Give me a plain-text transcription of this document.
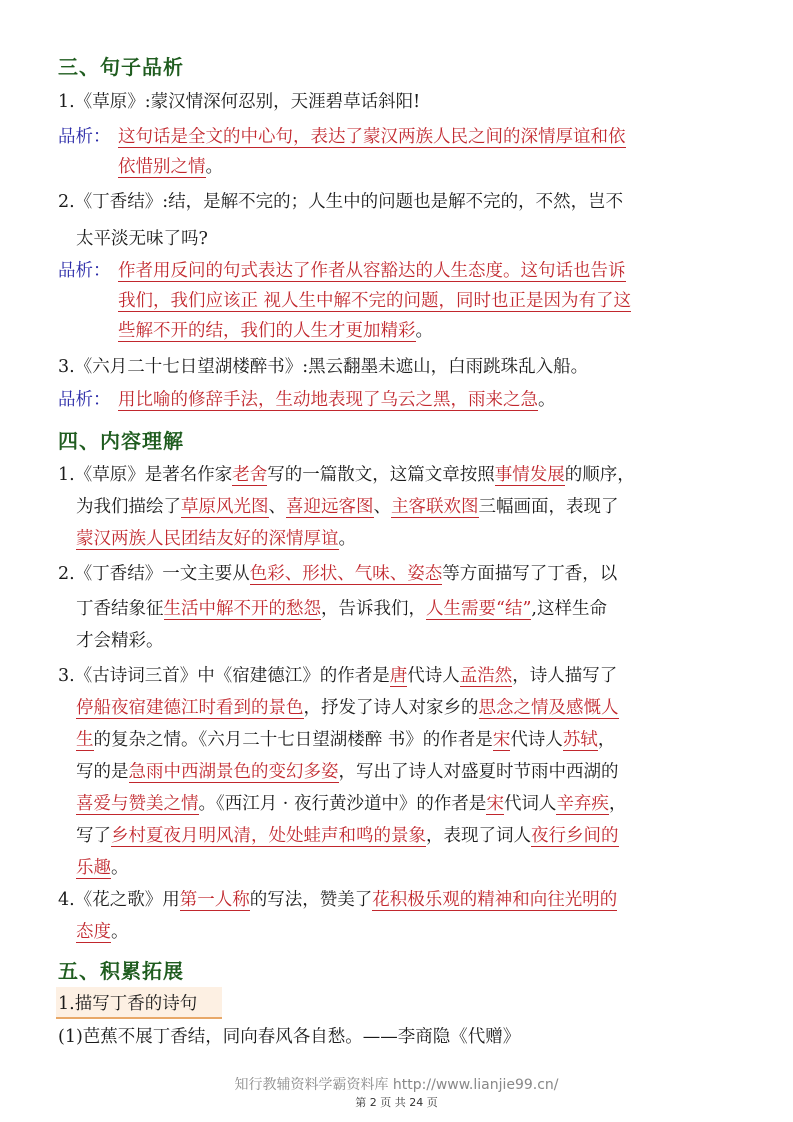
三、句子品析
1.《草原》:蒙汉情深何忍别，天涯碧草话斜阳!
品析： 这句话是全文的中心句，表达了蒙汉两族人民之间的深情厚谊和依
依惜别之情。
2.《丁香结》:结，是解不完的；人生中的问题也是解不完的，不然，岂不
太平淡无味了吗?
品析： 作者用反问的句式表达了作者从容豁达的人生态度。这句话也告诉
我们，我们应该正 视人生中解不完的问题，同时也正是因为有了这
些解不开的结，我们的人生才更加精彩。
3.《六月二十七日望湖楼醉书》:黑云翻墨未遮山，白雨跳珠乱入船。
品析： 用比喻的修辞手法，生动地表现了乌云之黑，雨来之急。
四、内容理解
1.《草原》是著名作家老舍写的一篇散文，这篇文章按照事情发展的顺序，
为我们描绘了草原风光图、喜迎远客图、主客联欢图三幅画面，表现了
蒙汉两族人民团结友好的深情厚谊。
2.《丁香结》一文主要从色彩、形状、气味、姿态等方面描写了丁香，以
丁香结象征生活中解不开的愁怨，告诉我们，人生需要“结”,这样生命
才会精彩。
3.《古诗词三首》中《宿建德江》的作者是唐代诗人孟浩然，诗人描写了
停船夜宿建德江时看到的景色，抒发了诗人对家乡的思念之情及感慨人
生的复杂之情。《六月二十七日望湖楼醉 书》的作者是宋代诗人苏轼，
写的是急雨中西湖景色的变幻多姿，写出了诗人对盛夏时节雨中西湖的
喜爱与赞美之情。《西江月 · 夜行黄沙道中》的作者是宋代词人辛弃疾，
写了乡村夏夜月明风清，处处蛙声和鸣的景象，表现了词人夜行乡间的
乐趣。
4.《花之歌》用第一人称的写法，赞美了花积极乐观的精神和向往光明的
态度。
五、积累拓展
1.描写丁香的诗句
(1)芭蕉不展丁香结，同向春风各自愁。——李商隐《代赠》
知行教辅资料学霸资料库 http://www.lianjie99.cn/
第 2 页 共 24 页
